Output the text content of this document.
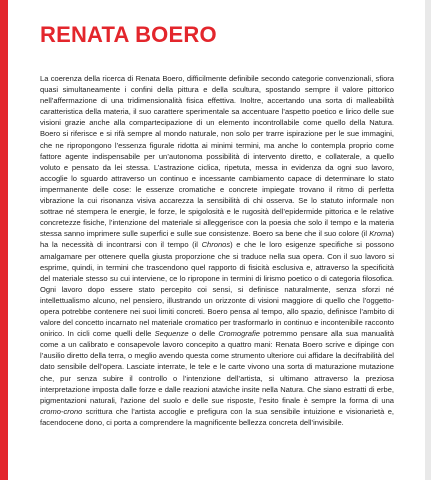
RENATA BOERO

La coerenza della ricerca di Renata Boero, difficilmente definibile secondo categorie convenzionali, sfiora quasi simultaneamente i confini della pittura e della scultura, spostando sempre il valore pittorico nell’affermazione di una tridimensionalità fisica effettiva. Inoltre, accertando una sorta di malleabilità caratteristica della materia, il suo carattere sperimentale sa accentuare l’aspetto poetico e lirico delle sue visioni grazie anche alla compartecipazione di un elemento incontrollabile come quello della Natura. Boero si riferisce e si rifà sempre al mondo naturale, non solo per trarre ispirazione per le sue immagini, che ne ripropongono l’essenza figurale ridotta ai minimi termini, ma anche lo contempla proprio come fattore agente indispensabile per un’autonoma possibilità di intervento diretto, e collaterale, a quello voluto e pensato da lei stessa. L’astrazione ciclica, ripetuta, messa in evidenza da ogni suo lavoro, accoglie lo sguardo attraverso un continuo e incessante cambiamento capace di determinare lo stato impermanente delle cose: le essenze cromatiche e concrete impiegate trovano il ritmo di perfetta vibrazione la cui risonanza visiva accarezza la sensibilità di chi osserva. Se lo statuto informale non sottrae né stempera le energie, le forze, le spigolosità e le rugosità dell’epidermide pittorica e le relative concretezze fisiche, l’intenzione del materiale si alleggerisce con la poesia che solo il tempo e la materia stessa sanno imprimere sulle superfici e sulle sue consistenze. Boero sa bene che il suo colore (il Kroma) ha la necessità di incontrarsi con il tempo (il Chronos) e che le loro esigenze specifiche si possono amalgamare per ottenere quella giusta proporzione che si traduce nella sua opera. Con il suo lavoro si esprime, quindi, in termini che trascendono quel rapporto di fisicità esclusiva e, attraverso la specificità del materiale stesso su cui interviene, ce lo ripropone in termini di lirismo poetico o di categoria filosofica. Ogni lavoro dopo essere stato percepito coi sensi, si definisce naturalmente, senza sforzi né intellettualismo alcuno, nel pensiero, illustrando un orizzonte di visioni maggiore di quello che l’oggetto-opera potrebbe contenere nei suoi limiti concreti. Boero pensa al tempo, allo spazio, definisce l’ambito di valore del concetto incarnato nel materiale cromatico per trasformarlo in continuo e incontenibile racconto onirico. In cicli come quelli delle Sequenze o delle Cromografie potremmo pensare alla sua manualità come a un calibrato e consapevole lavoro concepito a quattro mani: Renata Boero scrive e dipinge con l’ausilio diretto della terra, o meglio avendo questa come strumento ulteriore cui affidare la decifrabilità del dato sensibile dell’opera. Lasciate interrate, le tele e le carte vivono una sorta di maturazione mutazione che, pur senza subire il controllo o l’intenzione dell’artista, si ultimano attraverso la preziosa interpretazione imposta dalle forze e dalle reazioni ataviche insite nella Natura. Che siano estratti di erbe, pigmentazioni naturali, l’azione del suolo e delle sue risposte, l’esito finale è sempre la forma di una cromo-crono scrittura che l’artista accoglie e prefigura con la sua sensibile intuizione e visionarietà e, facendocene dono, ci porta a comprendere la magnificente bellezza concreta dell’invisibile.
